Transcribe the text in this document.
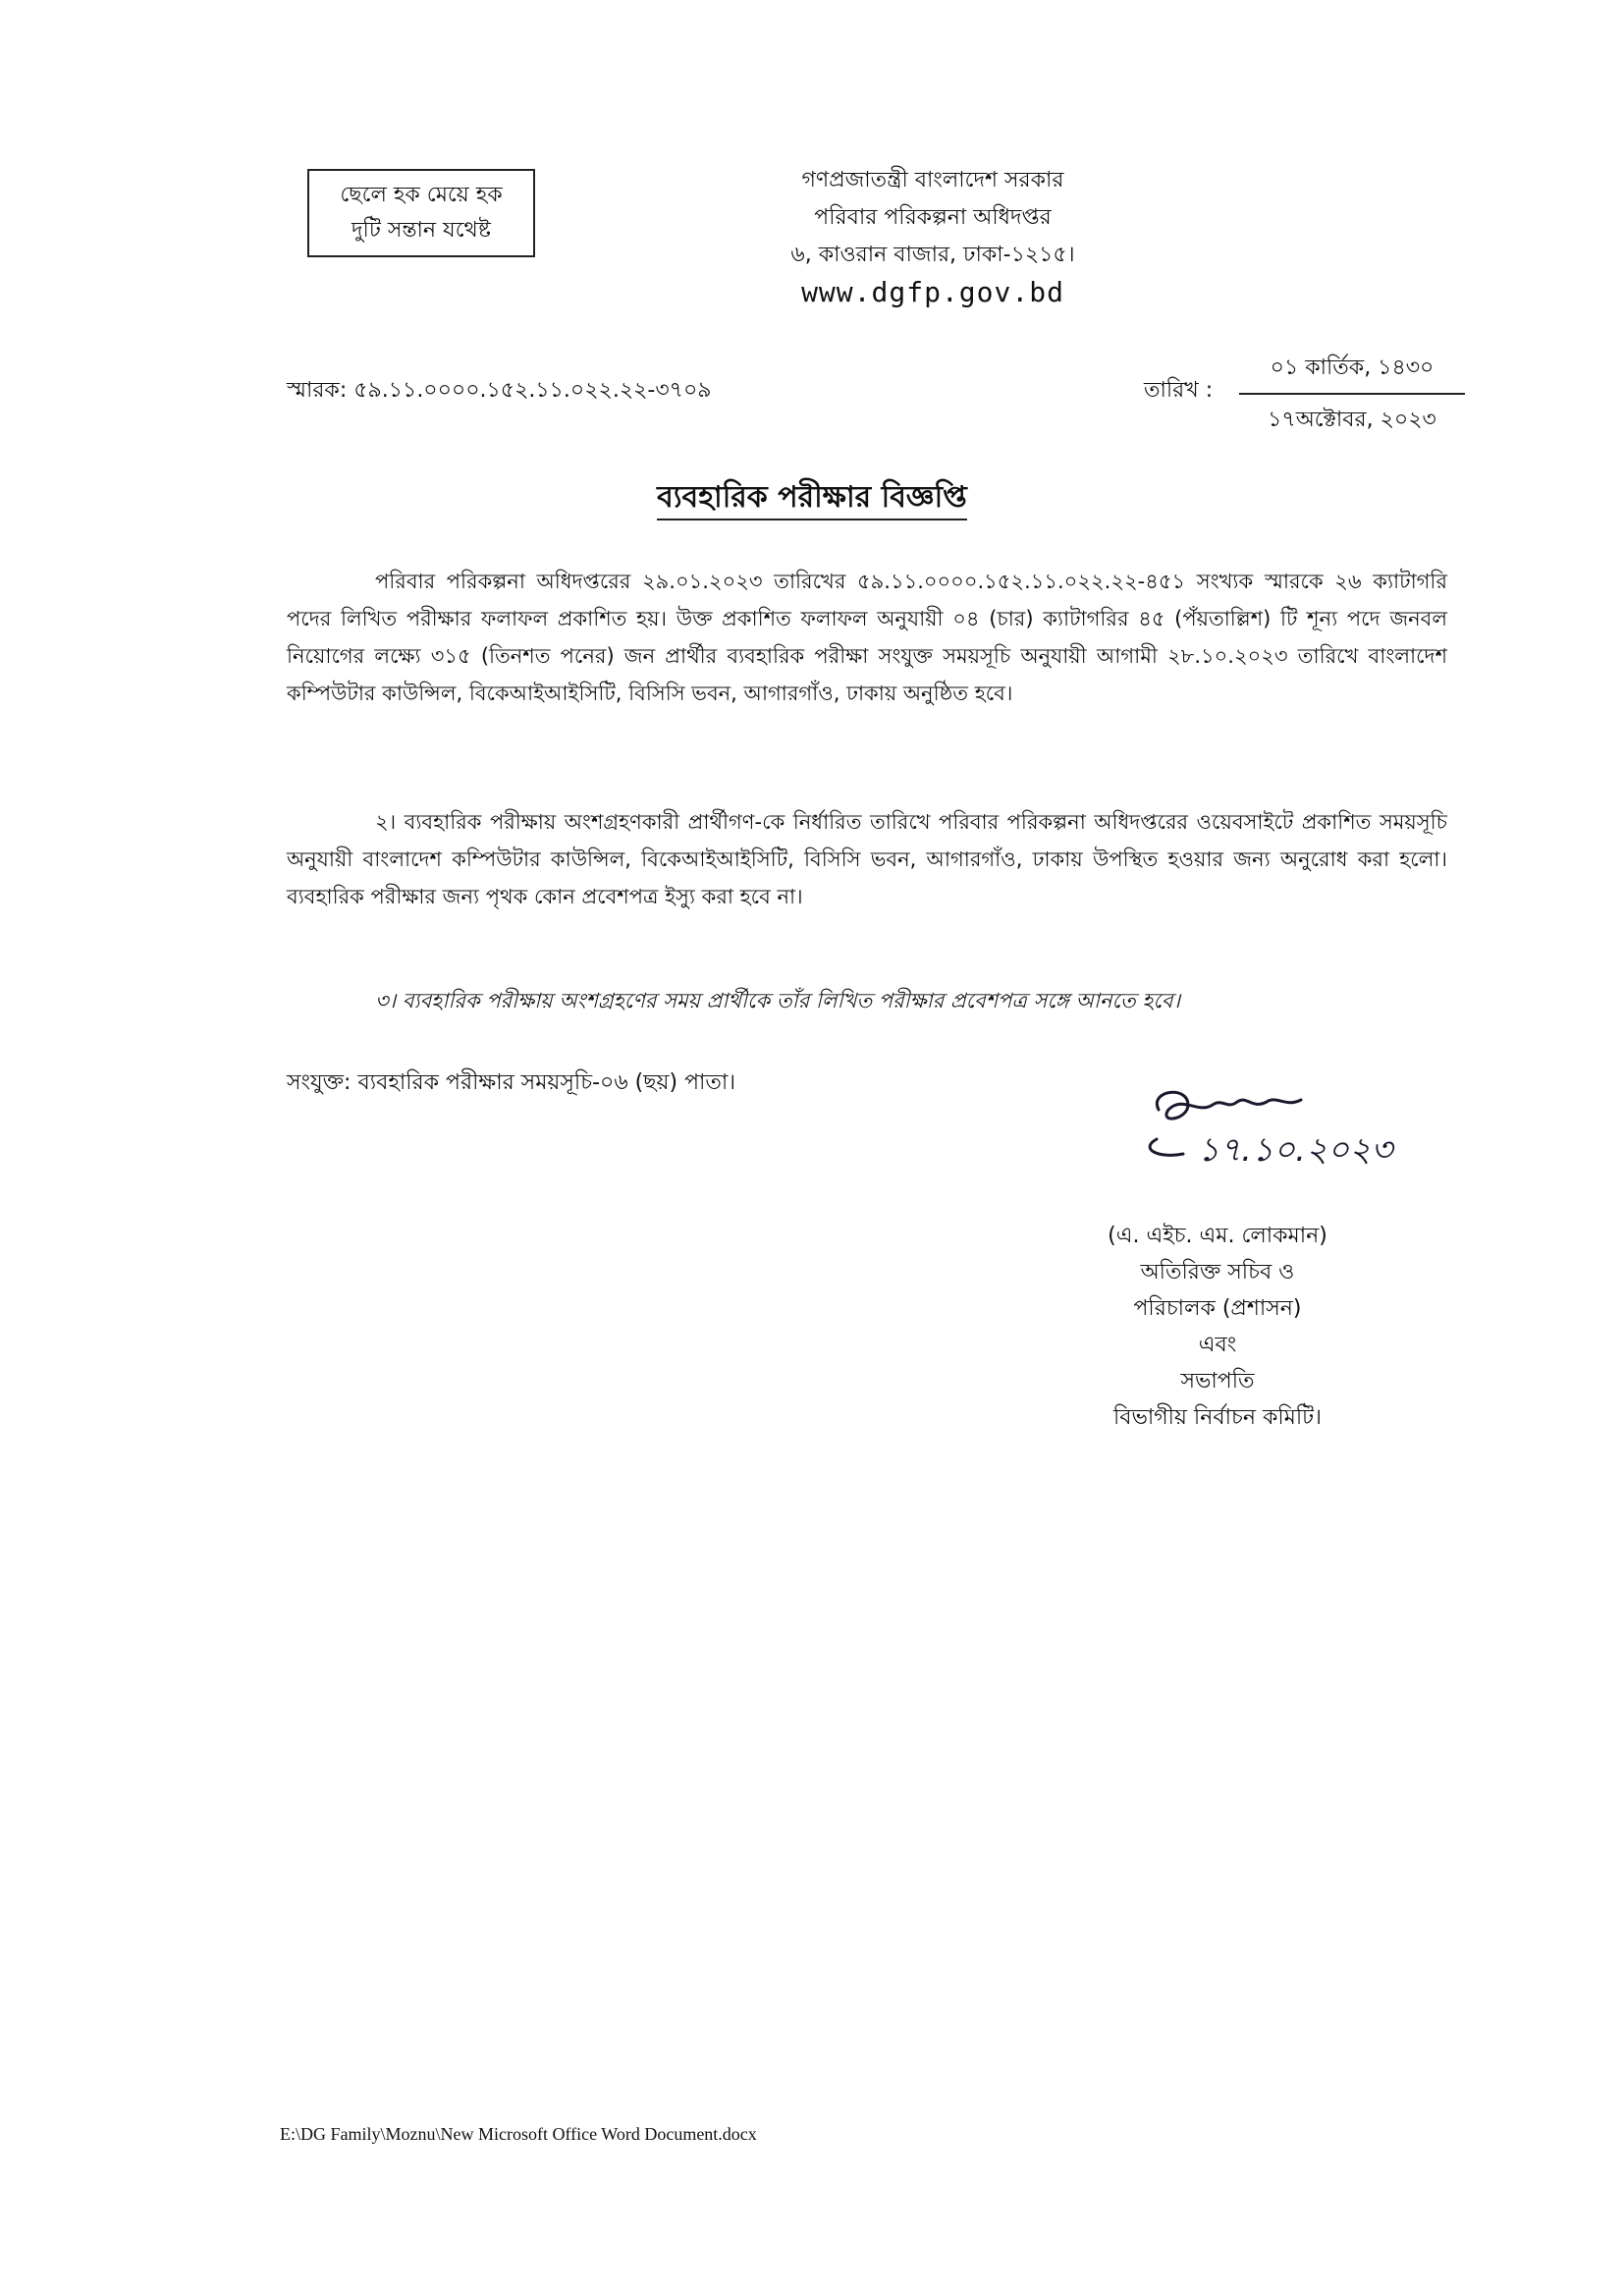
ছেলে হক মেয়ে হক
দুটি সন্তান যথেষ্ট
গণপ্রজাতন্ত্রী বাংলাদেশ সরকার
পরিবার পরিকল্পনা অধিদপ্তর
৬, কাওরান বাজার, ঢাকা-১২১৫।
www.dgfp.gov.bd
স্মারক: ৫৯.১১.০০০০.১৫২.১১.০২২.২২-৩৭০৯	তারিখ :
০১ কার্তিক, ১৪৩০
১৭অক্টোবর, ২০২৩
ব্যবহারিক পরীক্ষার বিজ্ঞপ্তি
পরিবার পরিকল্পনা অধিদপ্তরের ২৯.০১.২০২৩ তারিখের ৫৯.১১.০০০০.১৫২.১১.০২২.২২-৪৫১ সংখ্যক স্মারকে ২৬ ক্যাটাগরি পদের লিখিত পরীক্ষার ফলাফল প্রকাশিত হয়। উক্ত প্রকাশিত ফলাফল অনুযায়ী ০৪ (চার) ক্যাটাগরির ৪৫ (পঁয়তাল্লিশ) টি শূন্য পদে জনবল নিয়োগের লক্ষ্যে ৩১৫ (তিনশত পনের) জন প্রার্থীর ব্যবহারিক পরীক্ষা সংযুক্ত সময়সূচি অনুযায়ী আগামী ২৮.১০.২০২৩ তারিখে বাংলাদেশ কম্পিউটার কাউন্সিল, বিকেআইআইসিটি, বিসিসি ভবন, আগারগাঁও, ঢাকায় অনুষ্ঠিত হবে।
২। ব্যবহারিক পরীক্ষায় অংশগ্রহণকারী প্রার্থীগণ-কে নির্ধারিত তারিখে পরিবার পরিকল্পনা অধিদপ্তরের ওয়েবসাইটে প্রকাশিত সময়সূচি অনুযায়ী বাংলাদেশ কম্পিউটার কাউন্সিল, বিকেআইআইসিটি, বিসিসি ভবন, আগারগাঁও, ঢাকায় উপস্থিত হওয়ার জন্য অনুরোধ করা হলো। ব্যবহারিক পরীক্ষার জন্য পৃথক কোন প্রবেশপত্র ইস্যু করা হবে না।
৩। ব্যবহারিক পরীক্ষায় অংশগ্রহণের সময় প্রার্থীকে তাঁর লিখিত পরীক্ষার প্রবেশপত্র সঙ্গে আনতে হবে।
সংযুক্ত: ব্যবহারিক পরীক্ষার সময়সূচি-০৬ (ছয়) পাতা।
১৭.১০.২০২৩
(এ. এইচ. এম. লোকমান)
অতিরিক্ত সচিব ও
পরিচালক (প্রশাসন)
এবং
সভাপতি
বিভাগীয় নির্বাচন কমিটি।
E:\DG Family\Moznu\New Microsoft Office Word Document.docx
